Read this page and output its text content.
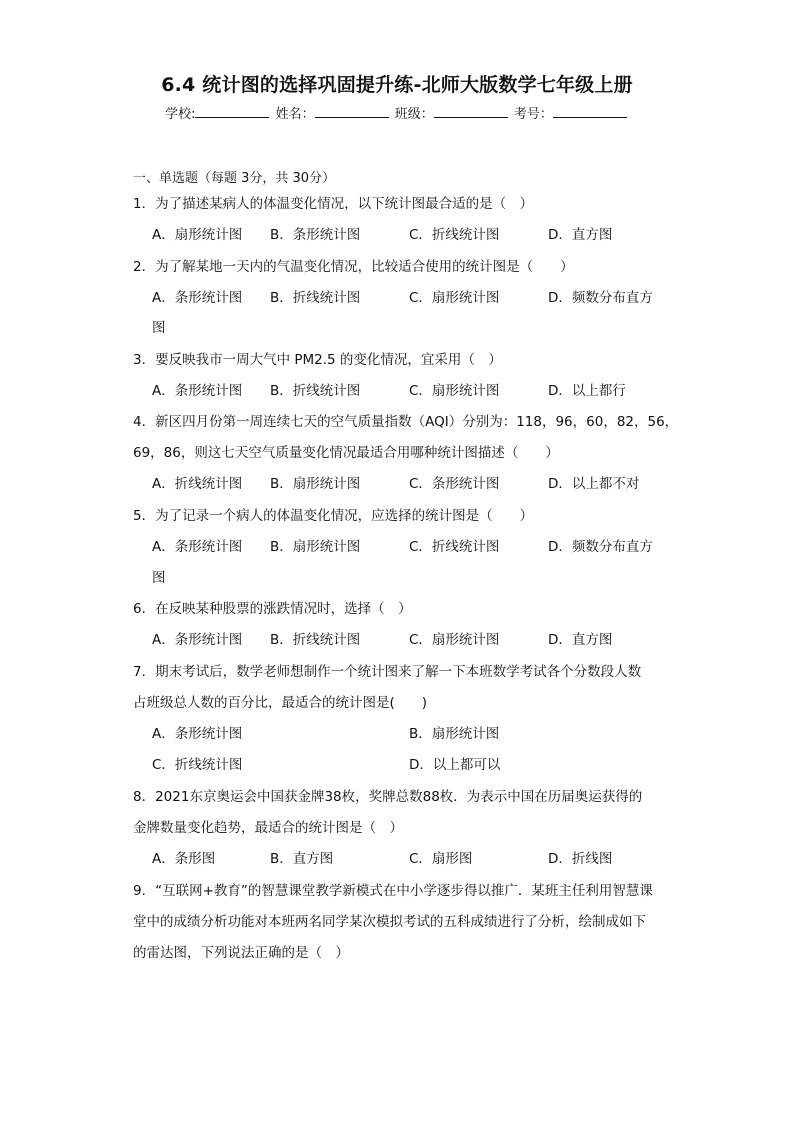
6.4 统计图的选择巩固提升练-北师大版数学七年级上册
学校:	姓名：	班级：	考号：
一、单选题（每题 3分，共 30分）
1．为了描述某病人的体温变化情况，以下统计图最合适的是（　）
A．扇形统计图 B．条形统计图	C．折线统计图	D．直方图
2．为了解某地一天内的气温变化情况，比较适合使用的统计图是（　　）
A．条形统计图 B．折线统计图	C．扇形统计图	D．频数分布直方
图
3．要反映我市一周大气中 PM2.5 的变化情况，宜采用（　）
A．条形统计图 B．折线统计图	C．扇形统计图	D．以上都行
4．新区四月份第一周连续七天的空气质量指数（AQI）分别为：118，96，60，82，56，
69，86，则这七天空气质量变化情况最适合用哪种统计图描述（　　）
A．折线统计图 B．扇形统计图	C．条形统计图	D．以上都不对
5．为了记录一个病人的体温变化情况，应选择的统计图是（　　）
A．条形统计图 B．扇形统计图	C．折线统计图	D．频数分布直方
图
6．在反映某种股票的涨跌情况时，选择（　）
A．条形统计图 B．折线统计图	C．扇形统计图	D．直方图
7．期末考试后，数学老师想制作一个统计图来了解一下本班数学考试各个分数段人数
占班级总人数的百分比，最适合的统计图是(　　)
A．条形统计图	B．扇形统计图
C．折线统计图	D．以上都可以
8．2021东京奥运会中国获金牌38枚，奖牌总数88枚．为表示中国在历届奥运获得的
金牌数量变化趋势，最适合的统计图是（　）
A．条形图	B．直方图	C．扇形图	D．折线图
9．“互联网+教育”的智慧课堂教学新模式在中小学逐步得以推广．某班主任利用智慧课
堂中的成绩分析功能对本班两名同学某次模拟考试的五科成绩进行了分析，绘制成如下
的雷达图，下列说法正确的是（　）
